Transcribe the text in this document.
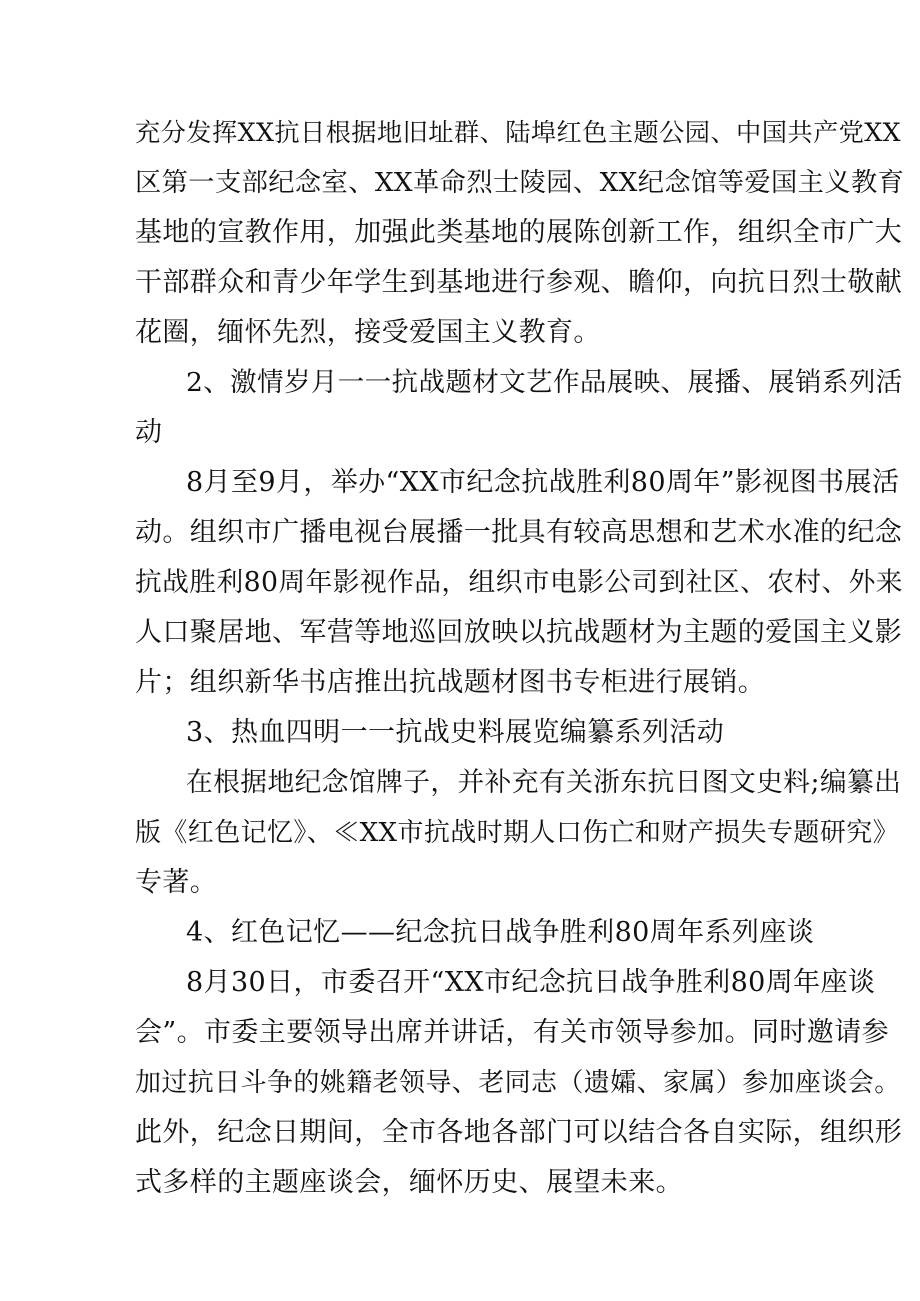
充分发挥XX抗日根据地旧址群、陆埠红色主题公园、中国共产党XX
区第一支部纪念室、XX革命烈士陵园、XX纪念馆等爱国主义教育
基地的宣教作用，加强此类基地的展陈创新工作，组织全市广大
干部群众和青少年学生到基地进行参观、瞻仰，向抗日烈士敬献
花圈，缅怀先烈，接受爱国主义教育。
2、激情岁月一一抗战题材文艺作品展映、展播、展销系列活
动
8月至9月，举办“XX市纪念抗战胜利80周年”影视图书展活
动。组织市广播电视台展播一批具有较高思想和艺术水准的纪念
抗战胜利80周年影视作品，组织市电影公司到社区、农村、外来
人口聚居地、军营等地巡回放映以抗战题材为主题的爱国主义影
片；组织新华书店推出抗战题材图书专柜进行展销。
3、热血四明一一抗战史料展览编纂系列活动
在根据地纪念馆牌子，并补充有关浙东抗日图文史料;编纂出
版《红色记忆》、≪XX市抗战时期人口伤亡和财产损失专题研究》
专著。
4、红色记忆——纪念抗日战争胜利80周年系列座谈
8月30日，市委召开“XX市纪念抗日战争胜利80周年座谈
会”。市委主要领导出席并讲话，有关市领导参加。同时邀请参
加过抗日斗争的姚籍老领导、老同志（遗孀、家属）参加座谈会。
此外，纪念日期间，全市各地各部门可以结合各自实际，组织形
式多样的主题座谈会，缅怀历史、展望未来。
